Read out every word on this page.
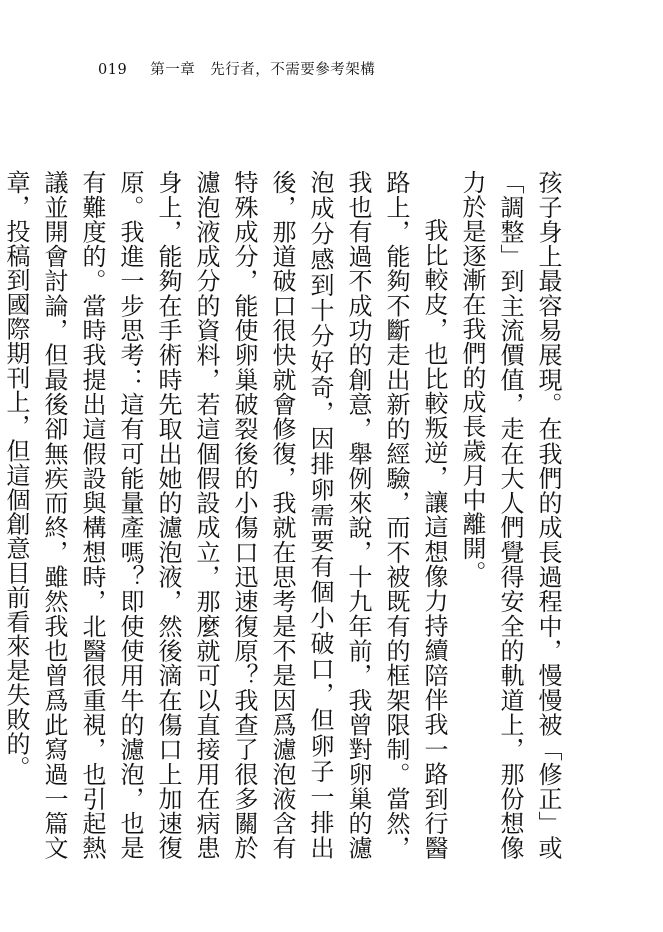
019 第一章　先行者，不需要參考架構

孩子身上最容易展現。在我們的成長過程中，慢慢被「修正」或「調整」到主流價值，走在大人們覺得安全的軌道上，那份想像力於是逐漸在我們的成長歲月中離開。

我比較皮，也比較叛逆，讓這想像力持續陪伴我一路到行醫路上，能夠不斷走出新的經驗，而不被既有的框架限制。當然，我也有過不成功的創意，舉例來說，十九年前，我曾對卵巢的濾泡成分感到十分好奇，因排卵需要有個小破口，但卵子一排出後，那道破口很快就會修復，我就在思考是不是因爲濾泡液含有特殊成分，能使卵巢破裂後的小傷口迅速復原？我查了很多關於濾泡液成分的資料，若這個假設成立，那麼就可以直接用在病患身上，能夠在手術時先取出她的濾泡液，然後滴在傷口上加速復原。我進一步思考：這有可能量產嗎？即使使用牛的濾泡，也是有難度的。當時我提出這假設與構想時，北醫很重視，也引起熱議並開會討論，但最後卻無疾而終，雖然我也曾爲此寫過一篇文章，投稿到國際期刊上，但這個創意目前看來是失敗的。
